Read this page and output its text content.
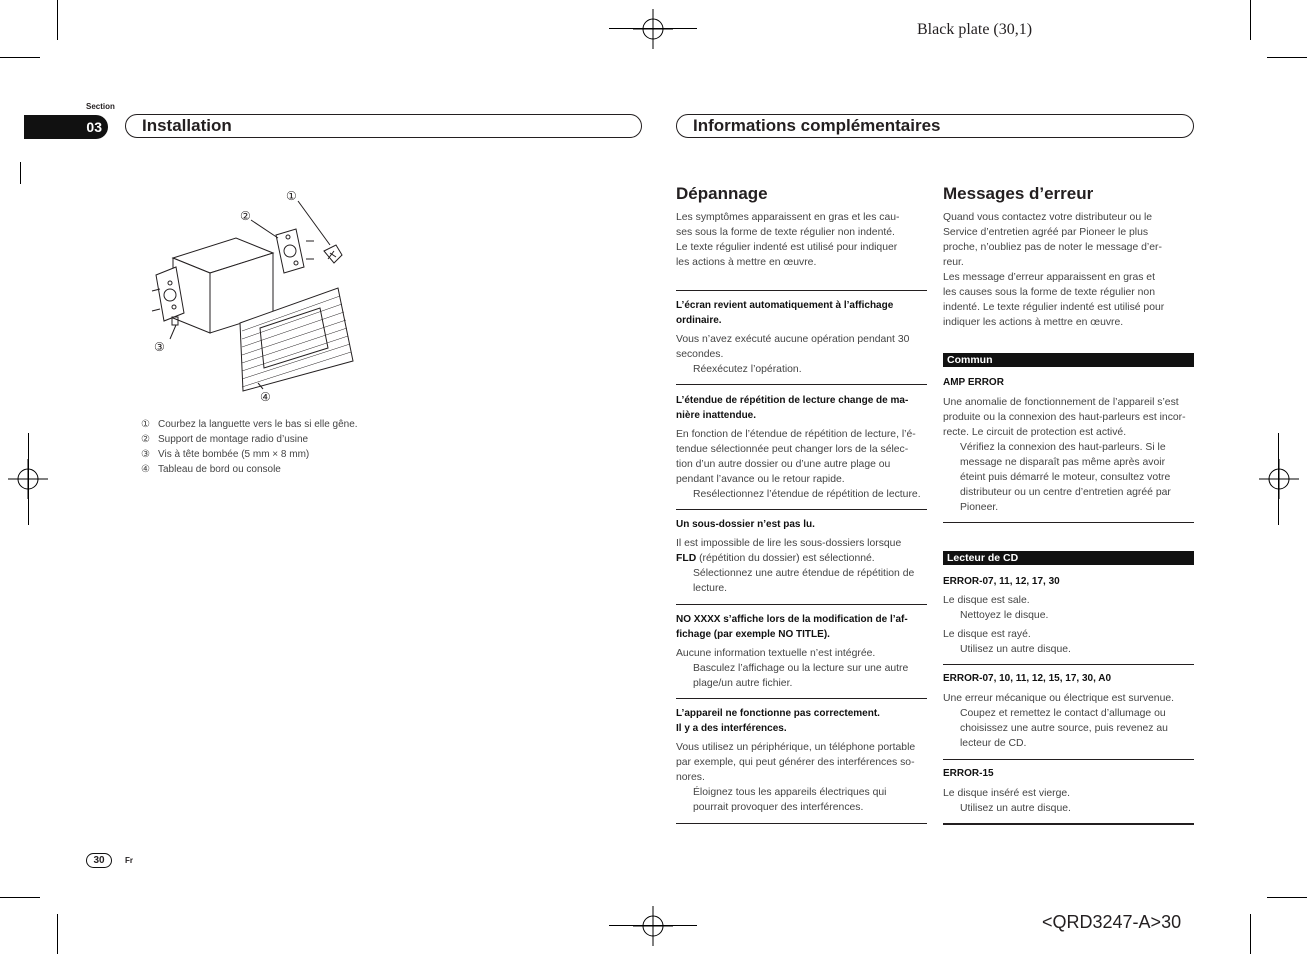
Black plate (30,1)
<QRD3247-A>30
Section
03	Installation	Informations complémentaires
①
②
③
④
① Courbez la languette vers le bas si elle gêne.
② Support de montage radio d’usine
③ Vis à tête bombée (5 mm × 8 mm)
④ Tableau de bord ou console
Dépannage
Les symptômes apparaissent en gras et les cau-
ses sous la forme de texte régulier non indenté.
Le texte régulier indenté est utilisé pour indiquer
les actions à mettre en œuvre.
L’écran revient automatiquement à l’affichage
ordinaire.
Vous n’avez exécuté aucune opération pendant 30
secondes.
Réexécutez l’opération.
L’étendue de répétition de lecture change de ma-
nière inattendue.
En fonction de l’étendue de répétition de lecture, l’é-
tendue sélectionnée peut changer lors de la sélec-
tion d’un autre dossier ou d’une autre plage ou
pendant l’avance ou le retour rapide.
Resélectionnez l’étendue de répétition de lecture.
Un sous-dossier n’est pas lu.
Il est impossible de lire les sous-dossiers lorsque
FLD (répétition du dossier) est sélectionné.
Sélectionnez une autre étendue de répétition de
lecture.
NO XXXX s’affiche lors de la modification de l’af-
fichage (par exemple NO TITLE).
Aucune information textuelle n’est intégrée.
Basculez l’affichage ou la lecture sur une autre
plage/un autre fichier.
L’appareil ne fonctionne pas correctement.
Il y a des interférences.
Vous utilisez un périphérique, un téléphone portable
par exemple, qui peut générer des interférences so-
nores.
Éloignez tous les appareils électriques qui
pourrait provoquer des interférences.
Messages d’erreur
Quand vous contactez votre distributeur ou le
Service d’entretien agréé par Pioneer le plus
proche, n’oubliez pas de noter le message d’er-
reur.
Les message d’erreur apparaissent en gras et
les causes sous la forme de texte régulier non
indenté. Le texte régulier indenté est utilisé pour
indiquer les actions à mettre en œuvre.
Commun
AMP ERROR
Une anomalie de fonctionnement de l’appareil s’est
produite ou la connexion des haut-parleurs est incor-
recte. Le circuit de protection est activé.
Vérifiez la connexion des haut-parleurs. Si le
message ne disparaît pas même après avoir
éteint puis démarré le moteur, consultez votre
distributeur ou un centre d’entretien agréé par
Pioneer.
Lecteur de CD
ERROR-07, 11, 12, 17, 30
Le disque est sale.
Nettoyez le disque.
Le disque est rayé.
Utilisez un autre disque.
ERROR-07, 10, 11, 12, 15, 17, 30, A0
Une erreur mécanique ou électrique est survenue.
Coupez et remettez le contact d’allumage ou
choisissez une autre source, puis revenez au
lecteur de CD.
ERROR-15
Le disque inséré est vierge.
Utilisez un autre disque.
30	Fr
